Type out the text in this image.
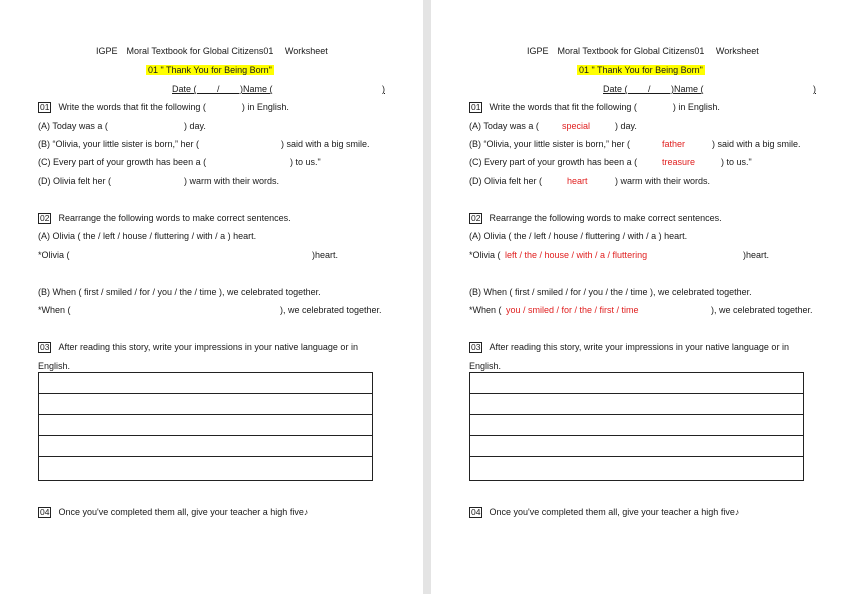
IGPE　Moral Textbook for Global Citizens01　 Worksheet
01 " Thank You for Being Born"
Date (　 　/　 　)Name (	)
01 Write the words that fit the following (　　　　) in English.
(A) Today was a (	) day.
(B) “Olivia, your little sister is born,” her (	) said with a big smile.
(C) Every part of your growth has been a (	) to us."
(D) Olivia felt her (	) warm with their words.
02 Rearrange the following words to make correct sentences.
(A) Olivia ( the / left / house / fluttering / with / a ) heart.
*Olivia (	)heart.
(B) When ( first / smiled / for / you / the / time ), we celebrated together.
*When (	), we celebrated together.
03 After reading this story, write your impressions in your native language or in
English.
04 Once you've completed them all, give your teacher a high five♪
IGPE　Moral Textbook for Global Citizens01　 Worksheet
01 " Thank You for Being Born"
Date (　 　/　 　)Name (	)
01 Write the words that fit the following (　　　　) in English.
(A) Today was a (	special	) day.
(B) “Olivia, your little sister is born,” her (	father	) said with a big smile.
(C) Every part of your growth has been a (	treasure	) to us."
(D) Olivia felt her (	heart	) warm with their words.
02 Rearrange the following words to make correct sentences.
(A) Olivia ( the / left / house / fluttering / with / a ) heart.
*Olivia ( left / the / house / with / a / fluttering	)heart.
(B) When ( first / smiled / for / you / the / time ), we celebrated together.
*When ( you / smiled / for / the / first / time	), we celebrated together.
03 After reading this story, write your impressions in your native language or in
English.
04 Once you've completed them all, give your teacher a high five♪
